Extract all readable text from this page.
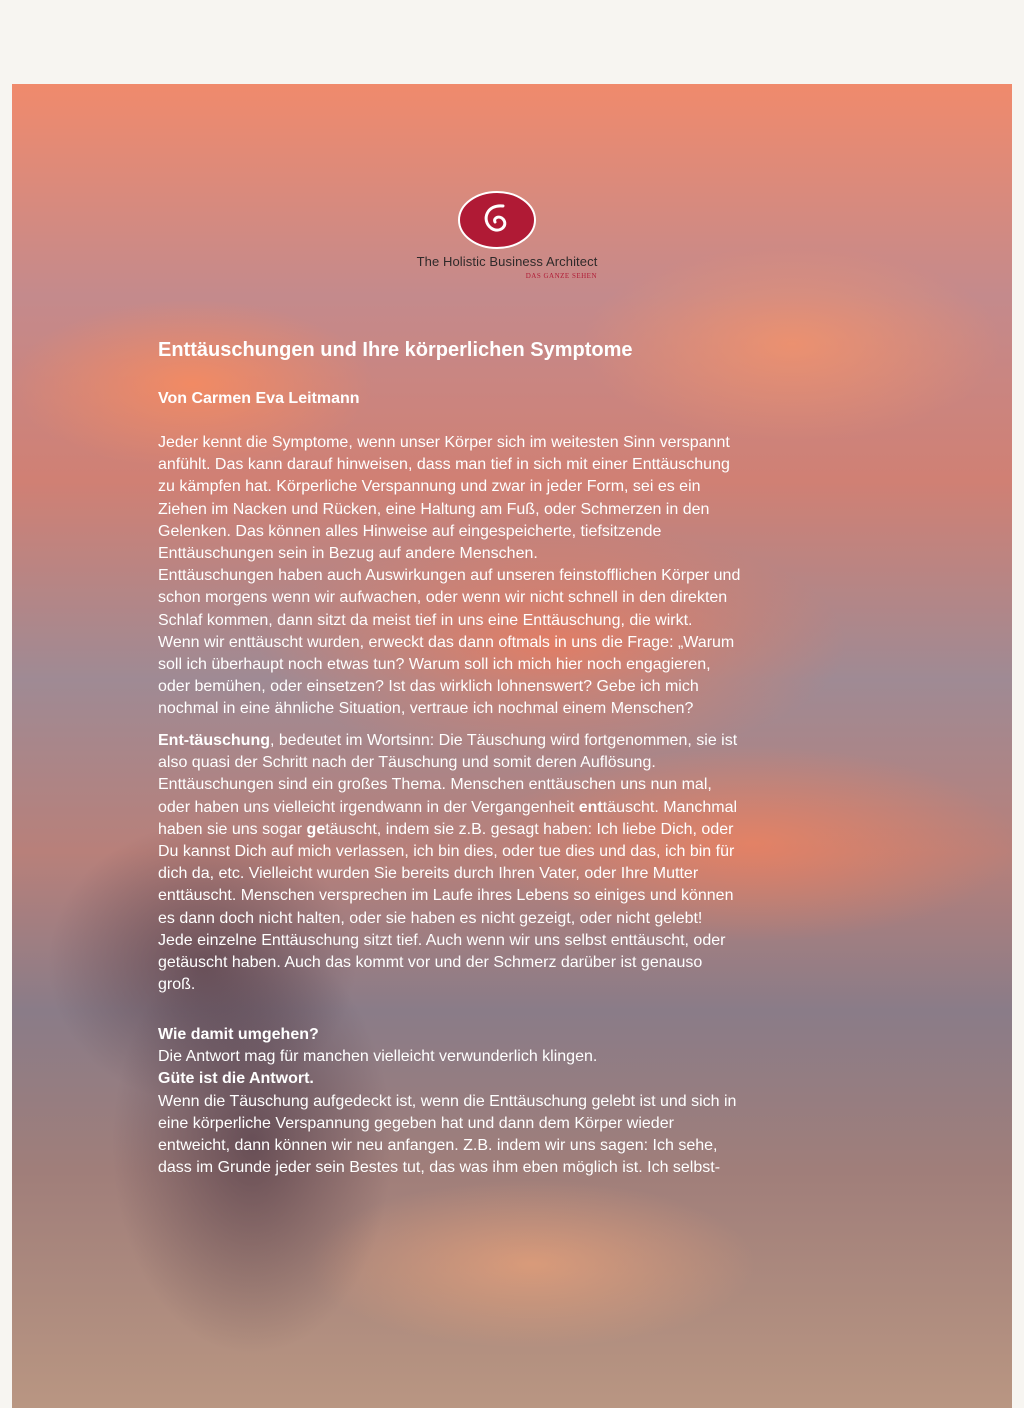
The Holistic Business Architect
DAS GANZE SEHEN
Enttäuschungen und Ihre körperlichen Symptome
Von Carmen Eva Leitmann
Jeder kennt die Symptome, wenn unser Körper sich im weitesten Sinn verspannt
anfühlt. Das kann darauf hinweisen, dass man tief in sich mit einer Enttäuschung
zu kämpfen hat. Körperliche Verspannung und zwar in jeder Form, sei es ein
Ziehen im Nacken und Rücken, eine Haltung am Fuß, oder Schmerzen in den
Gelenken. Das können alles Hinweise auf eingespeicherte, tiefsitzende
Enttäuschungen sein in Bezug auf andere Menschen.
Enttäuschungen haben auch Auswirkungen auf unseren feinstofflichen Körper und
schon morgens wenn wir aufwachen, oder wenn wir nicht schnell in den direkten
Schlaf kommen, dann sitzt da meist tief in uns eine Enttäuschung, die wirkt.
Wenn wir enttäuscht wurden, erweckt das dann oftmals in uns die Frage: „Warum
soll ich überhaupt noch etwas tun? Warum soll ich mich hier noch engagieren,
oder bemühen, oder einsetzen? Ist das wirklich lohnenswert? Gebe ich mich
nochmal in eine ähnliche Situation, vertraue ich nochmal einem Menschen?
Ent-täuschung, bedeutet im Wortsinn: Die Täuschung wird fortgenommen, sie ist
also quasi der Schritt nach der Täuschung und somit deren Auflösung.
Enttäuschungen sind ein großes Thema. Menschen enttäuschen uns nun mal,
oder haben uns vielleicht irgendwann in der Vergangenheit enttäuscht. Manchmal
haben sie uns sogar getäuscht, indem sie z.B. gesagt haben: Ich liebe Dich, oder
Du kannst Dich auf mich verlassen, ich bin dies, oder tue dies und das, ich bin für
dich da, etc. Vielleicht wurden Sie bereits durch Ihren Vater, oder Ihre Mutter
enttäuscht. Menschen versprechen im Laufe ihres Lebens so einiges und können
es dann doch nicht halten, oder sie haben es nicht gezeigt, oder nicht gelebt!
Jede einzelne Enttäuschung sitzt tief. Auch wenn wir uns selbst enttäuscht, oder
getäuscht haben. Auch das kommt vor und der Schmerz darüber ist genauso
groß.
Wie damit umgehen?
Die Antwort mag für manchen vielleicht verwunderlich klingen.
Güte ist die Antwort.
Wenn die Täuschung aufgedeckt ist, wenn die Enttäuschung gelebt ist und sich in
eine körperliche Verspannung gegeben hat und dann dem Körper wieder
entweicht, dann können wir neu anfangen. Z.B. indem wir uns sagen: Ich sehe,
dass im Grunde jeder sein Bestes tut, das was ihm eben möglich ist. Ich selbst-
